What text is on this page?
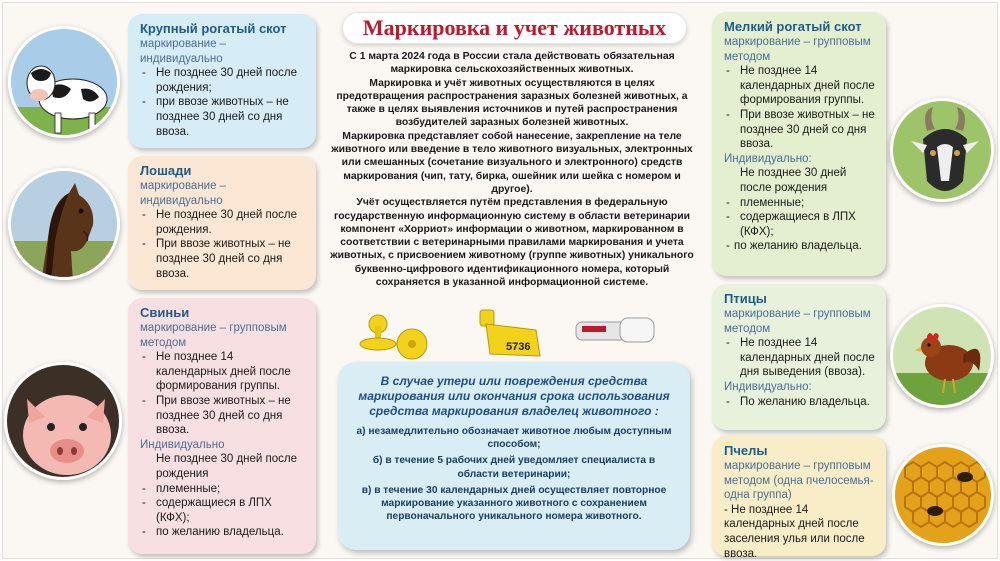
Крупный рогатый скот
маркирование – индивидуально
- Не позднее 30 дней после рождения;
- при ввозе животных – не позднее 30 дней со дня ввоза.
Лошади
маркирование – индивидуально
- Не позднее 30 дней после рождения.
- При ввозе животных – не позднее 30 дней со дня ввоза.
Свиньи
маркирование – групповым методом
- Не позднее 14 календарных дней после формирования группы.
- При ввозе животных – не позднее 30 дней со дня ввоза.
Индивидуально
Не позднее 30 дней после рождения
- племенные;
- содержащиеся в ЛПХ (КФХ);
- по желанию владельца.
Маркировка и учет животных

С 1 марта 2024 года в России стала действовать обязательная маркировка сельскохозяйственных животных.

Маркировка и учёт животных осуществляются в целях предотвращения распространения заразных болезней животных, а также в целях выявления источников и путей распространения возбудителей заразных болезней животных.

Маркировка представляет собой нанесение, закрепление на теле животного или введение в тело животного визуальных, электронных или смешанных (сочетание визуального и электронного) средств маркирования (чип, тату, бирка, ошейник или шейка с номером и другое).

Учёт осуществляется путём представления в федеральную государственную информационную систему в области ветеринарии компонент «Хорриот» информации о животном, маркированном в соответствии с ветеринарными правилами маркирования и учета животных, с присвоением животному (группе животных) уникального буквенно-цифрового идентификационного номера, который сохраняется в указанной информационной системе.

5736
В случае утери или повреждения средства маркирования или окончания срока использования средства маркирования владелец животного :
а) незамедлительно обозначает животное любым доступным способом;
б) в течение 5 рабочих дней уведомляет специалиста в области ветеринарии;
в) в течение 30 календарных дней осуществляет повторное маркирование указанного животного с сохранением первоначального уникального номера животного.
Мелкий рогатый скот
маркирование – групповым методом
- Не позднее 14 календарных дней после формирования группы.
- При ввозе животных – не позднее 30 дней со дня ввоза.
Индивидуально:
Не позднее 30 дней после рождения
- племенные;
- содержащиеся в ЛПХ (КФХ);
- по желанию владельца.
Птицы
маркирование – групповым методом
- Не позднее 14 календарных дней после дня выведения (ввоза).
Индивидуально:
- По желанию владельца.
Пчелы
маркирование – групповым методом (одна пчелосемья-одна группа)
- Не позднее 14 календарных дней после заселения улья или после ввоза.
